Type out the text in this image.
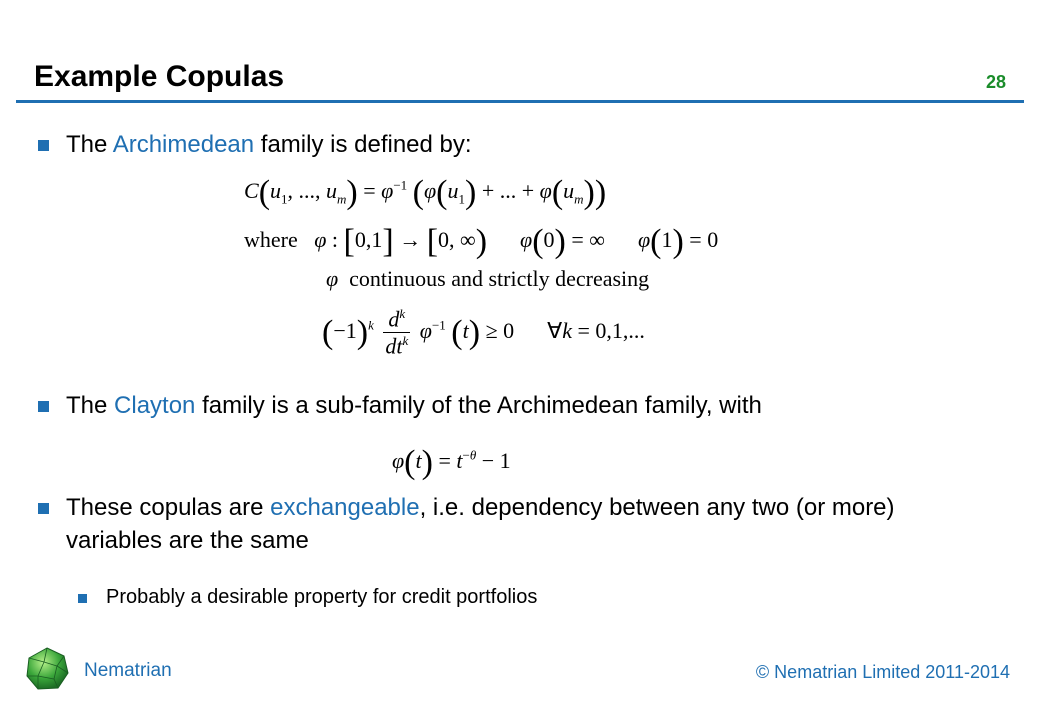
Example Copulas	28
The Archimedean family is defined by:
$C(u_1$, ..., $u_m) = \varphi^{-1}$ ($\varphi(u_1)$ + ... + $\varphi(u_m)$)
where φ : [0,1] → [0, ∞) φ(0) = ∞      φ(1) = 0
φ continuous and strictly decreasing
$(-1)^k \frac{d^k}{dt^k} \varphi^{-1}$ (t) ≥ 0      ∀k = 0,1,...
The Clayton family is a sub-family of the Archimedean family, with
$\varphi(t) = t^{-\theta} - 1$
These copulas are exchangeable, i.e. dependency between any two (or more) variables are the same
Probably a desirable property for credit portfolios
Nematrian	© Nematrian Limited 2011-2014
